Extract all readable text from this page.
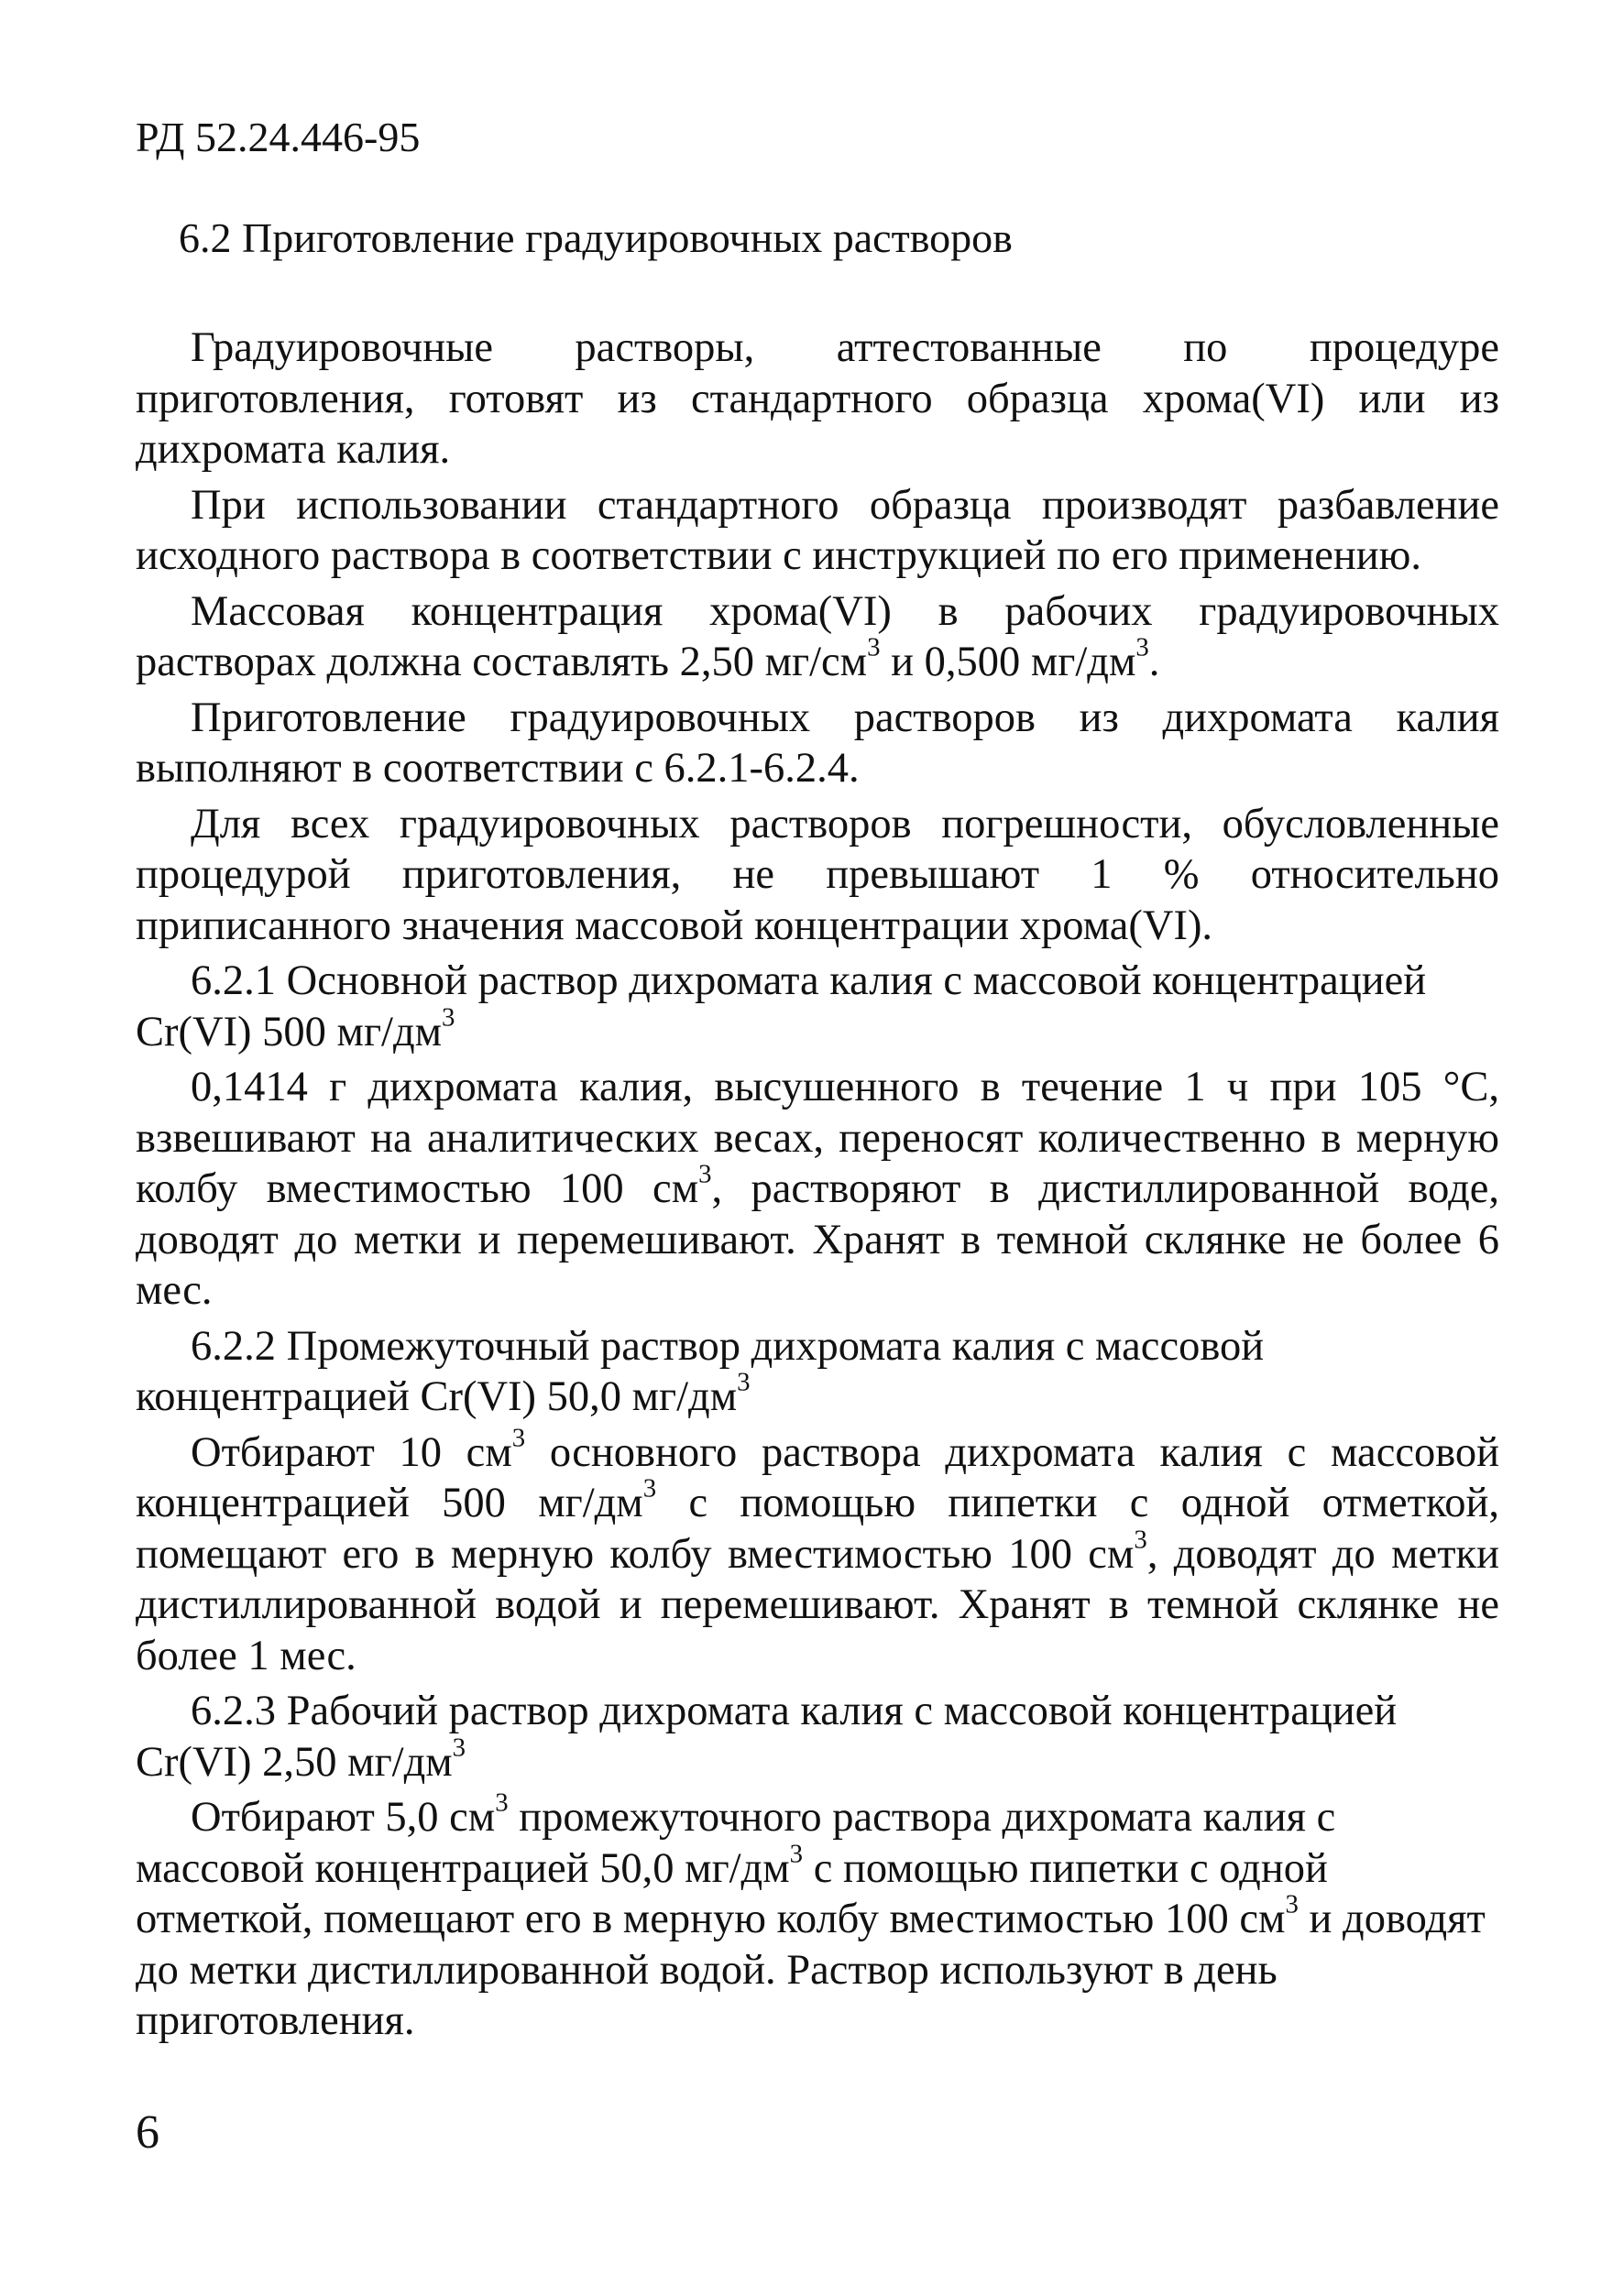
РД 52.24.446-95
6.2 Приготовление градуировочных растворов

Градуировочные растворы, аттестованные по процедуре приготовления, готовят из стандартного образца хрома(VI) или из дихромата калия.

При использовании стандартного образца производят разбавление исходного раствора в соответствии с инструкцией по его применению.

Массовая концентрация хрома(VI) в рабочих градуировочных растворах должна составлять 2,50 $мг/см^3$ и 0,500 $мг/дм^3$.

Приготовление градуировочных растворов из дихромата калия выполняют в соответствии с 6.2.1-6.2.4.

Для всех градуировочных растворов погрешности, обусловленные процедурой приготовления, не превышают 1 % относительно приписанного значения массовой концентрации хрома(VI).

6.2.1 Основной раствор дихромата калия с массовой концентрацией Cr(VI) 500 $мг/дм^3$

0,1414 г дихромата калия, высушенного в течение 1 ч при 105 °С, взвешивают на аналитических весах, переносят количественно в мерную колбу вместимостью 100 $см^3$, растворяют в дистиллированной воде, доводят до метки и перемешивают. Хранят в темной склянке не более 6 мес.

6.2.2 Промежуточный раствор дихромата калия с массовой концентрацией Cr(VI) 50,0 $мг/дм^3$

Отбирают 10 $см^3$ основного раствора дихромата калия с массовой концентрацией 500 $мг/дм^3$ с помощью пипетки с одной отметкой, помещают его в мерную колбу вместимостью 100 $см^3$, доводят до метки дистиллированной водой и перемешивают. Хранят в темной склянке не более 1 мес.

6.2.3 Рабочий раствор дихромата калия с массовой концентрацией Cr(VI) 2,50 $мг/дм^3$

Отбирают 5,0 $см^3$ промежуточного раствора дихромата калия с массовой концентрацией 50,0 $мг/дм^3$ с помощью пипетки с одной отметкой, помещают его в мерную колбу вместимостью 100 $см^3$ и доводят до метки дистиллированной водой. Раствор используют в день приготовления.

6
